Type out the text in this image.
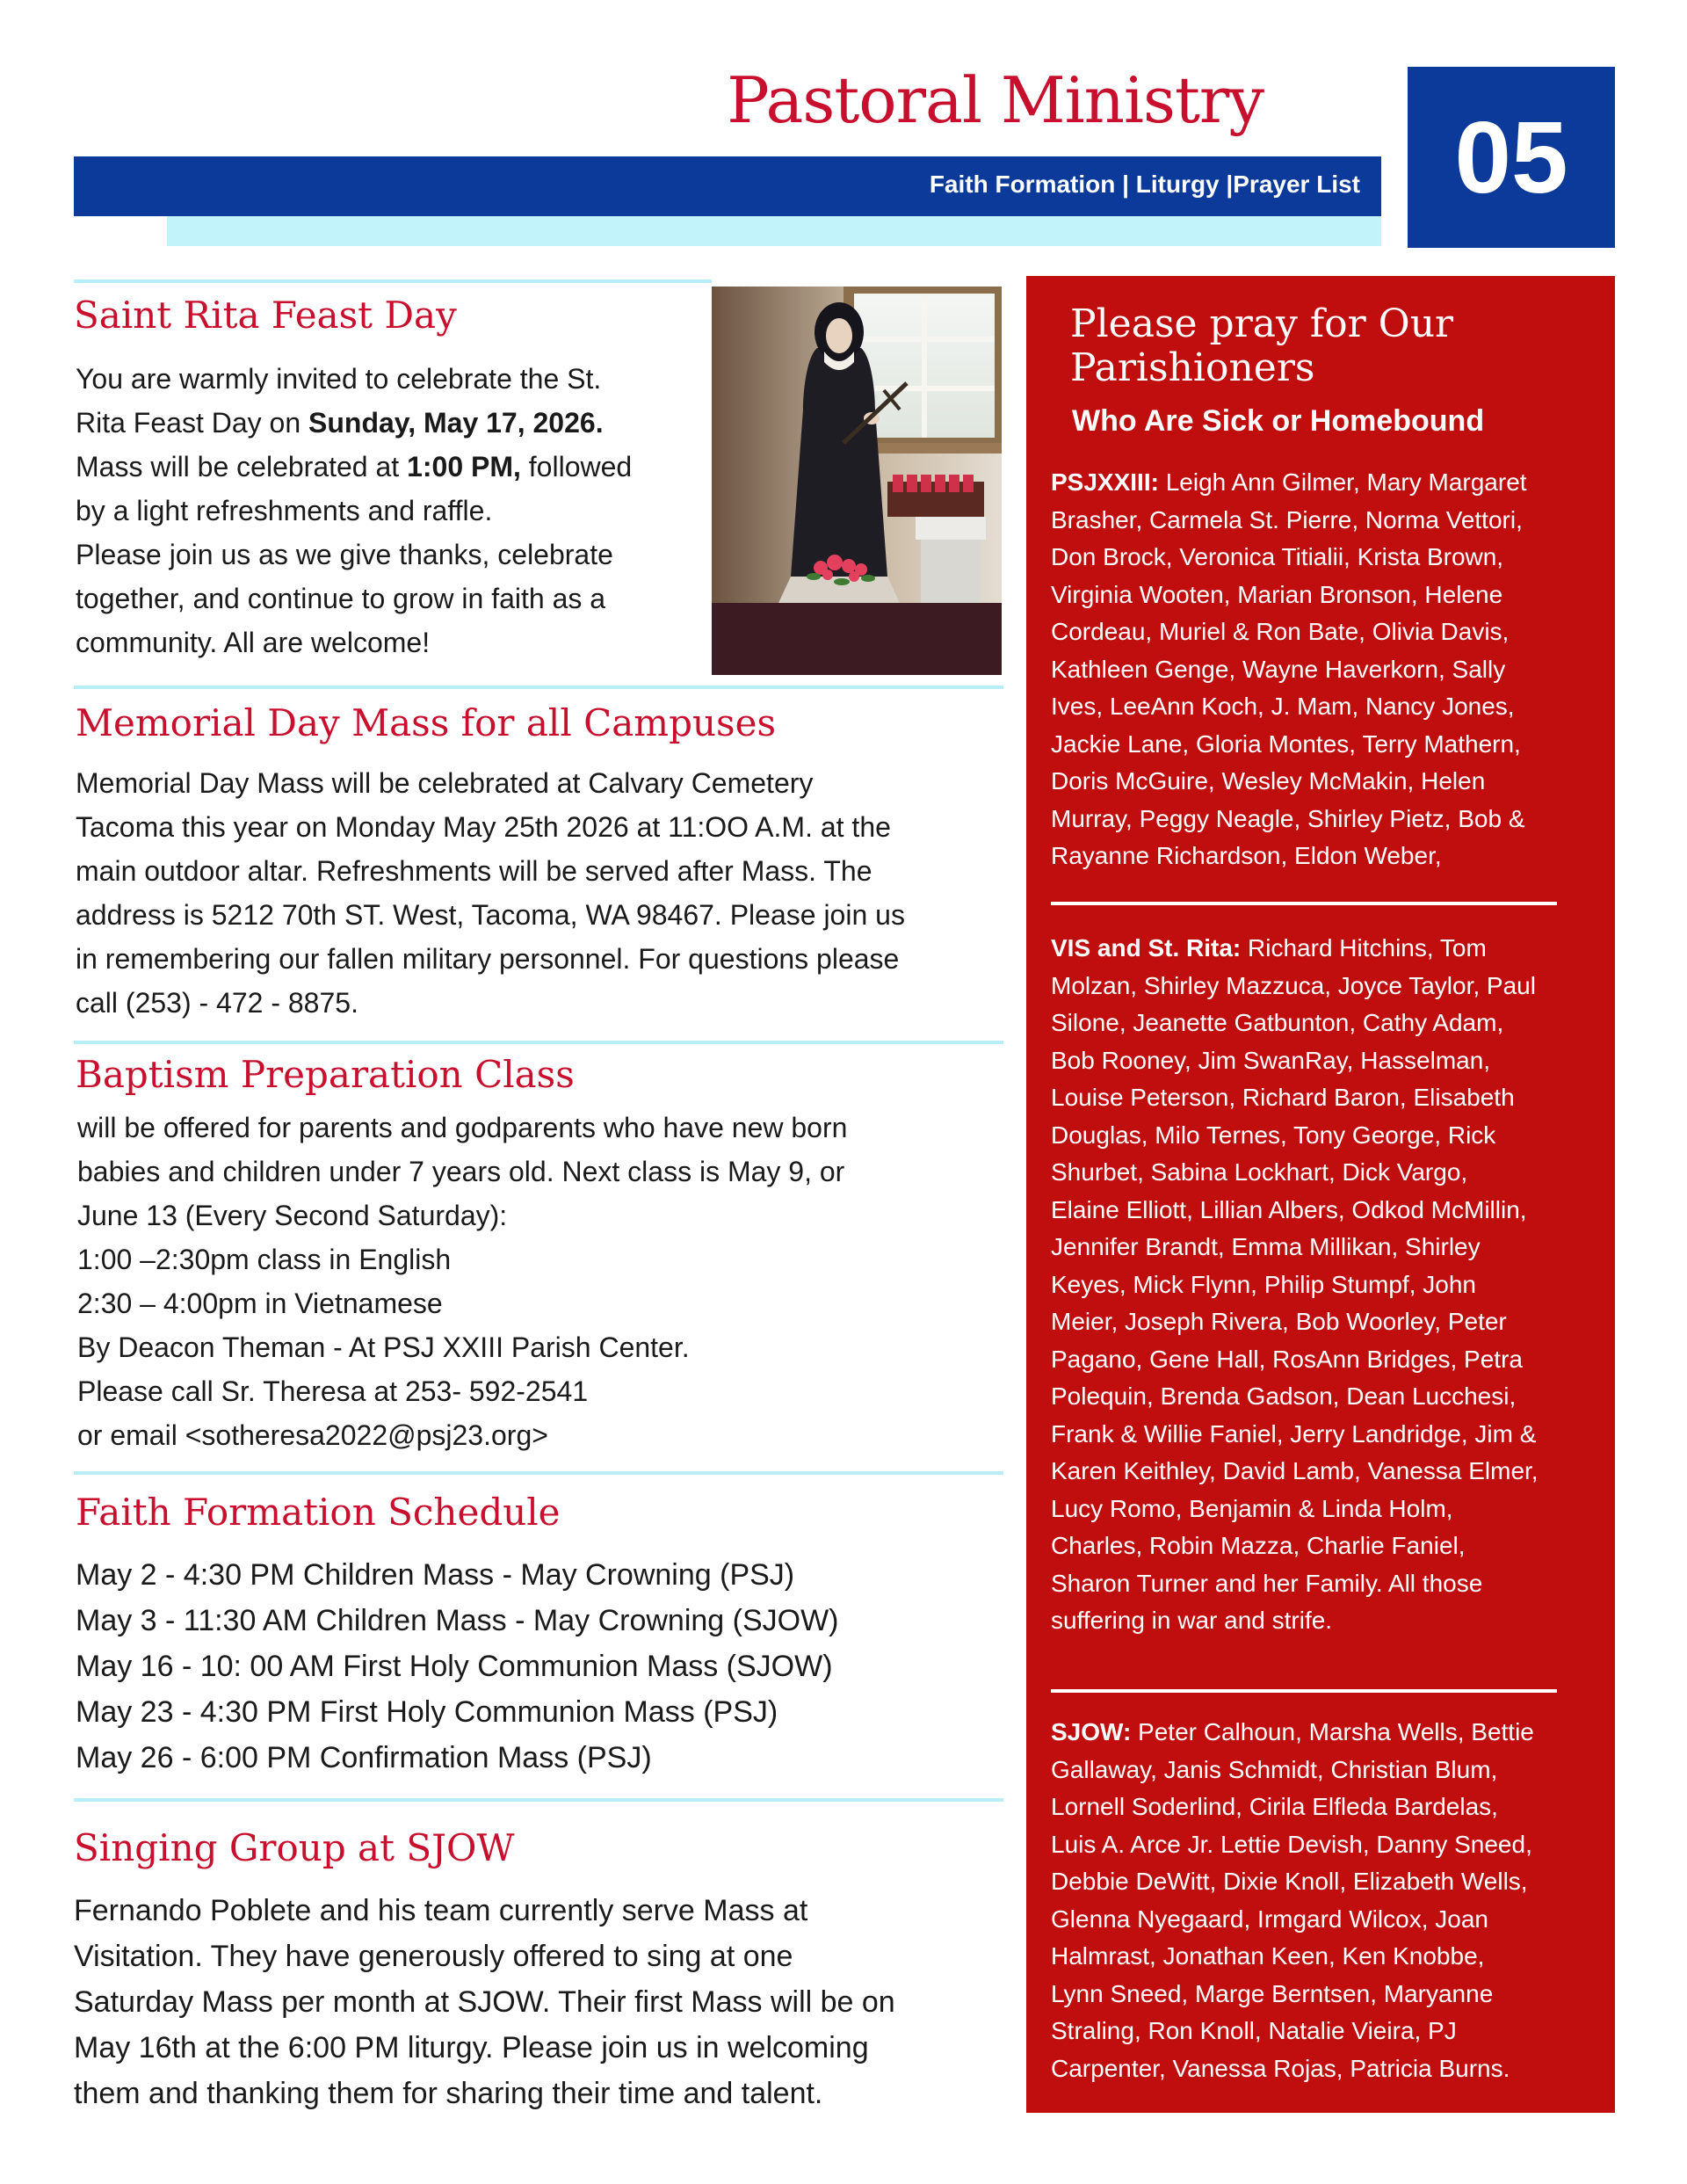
Pastoral Ministry
Faith Formation | Liturgy |Prayer List 05
Saint Rita Feast Day
You are warmly invited to celebrate the St.
Rita Feast Day on Sunday, May 17, 2026.
Mass will be celebrated at 1:00 PM, followed
by a light refreshments and raffle.
Please join us as we give thanks, celebrate
together, and continue to grow in faith as a
community. All are welcome!
Memorial Day Mass for all Campuses
Memorial Day Mass will be celebrated at Calvary Cemetery
Tacoma this year on Monday May 25th 2026 at 11:OO A.M. at the
main outdoor altar. Refreshments will be served after Mass. The
address is 5212 70th ST. West, Tacoma, WA 98467. Please join us
in remembering our fallen military personnel. For questions please
call (253) - 472 - 8875.
Baptism Preparation Class
will be offered for parents and godparents who have new born
babies and children under 7 years old. Next class is May 9, or
June 13 (Every Second Saturday):
1:00 –2:30pm class in English
2:30 – 4:00pm in Vietnamese
By Deacon Theman - At PSJ XXIII Parish Center.
Please call Sr. Theresa at 253- 592-2541
or email <sotheresa2022@psj23.org>
Faith Formation Schedule
May 2 - 4:30 PM Children Mass - May Crowning (PSJ)
May 3 - 11:30 AM Children Mass - May Crowning (SJOW)
May 16 - 10: 00 AM First Holy Communion Mass (SJOW)
May 23 - 4:30 PM First Holy Communion Mass (PSJ)
May 26 - 6:00 PM Confirmation Mass (PSJ)
Singing Group at SJOW
Fernando Poblete and his team currently serve Mass at
Visitation. They have generously offered to sing at one
Saturday Mass per month at SJOW. Their first Mass will be on
May 16th at the 6:00 PM liturgy. Please join us in welcoming
them and thanking them for sharing their time and talent.
Please pray for Our
Parishioners
Who Are Sick or Homebound
PSJXXIII: Leigh Ann Gilmer, Mary Margaret
Brasher, Carmela St. Pierre, Norma Vettori,
Don Brock, Veronica Titialii, Krista Brown,
Virginia Wooten, Marian Bronson, Helene
Cordeau, Muriel & Ron Bate, Olivia Davis,
Kathleen Genge, Wayne Haverkorn, Sally
Ives, LeeAnn Koch, J. Mam, Nancy Jones,
Jackie Lane, Gloria Montes, Terry Mathern,
Doris McGuire, Wesley McMakin, Helen
Murray, Peggy Neagle, Shirley Pietz, Bob &
Rayanne Richardson, Eldon Weber,
VIS and St. Rita: Richard Hitchins, Tom
Molzan, Shirley Mazzuca, Joyce Taylor, Paul
Silone, Jeanette Gatbunton, Cathy Adam,
Bob Rooney, Jim SwanRay, Hasselman,
Louise Peterson, Richard Baron, Elisabeth
Douglas, Milo Ternes, Tony George, Rick
Shurbet, Sabina Lockhart, Dick Vargo,
Elaine Elliott, Lillian Albers, Odkod McMillin,
Jennifer Brandt, Emma Millikan, Shirley
Keyes, Mick Flynn, Philip Stumpf, John
Meier, Joseph Rivera, Bob Woorley, Peter
Pagano, Gene Hall, RosAnn Bridges, Petra
Polequin, Brenda Gadson, Dean Lucchesi,
Frank & Willie Faniel, Jerry Landridge, Jim &
Karen Keithley, David Lamb, Vanessa Elmer,
Lucy Romo, Benjamin & Linda Holm,
Charles, Robin Mazza, Charlie Faniel,
Sharon Turner and her Family. All those
suffering in war and strife.
SJOW: Peter Calhoun, Marsha Wells, Bettie
Gallaway, Janis Schmidt, Christian Blum,
Lornell Soderlind, Cirila Elfleda Bardelas,
Luis A. Arce Jr. Lettie Devish, Danny Sneed,
Debbie DeWitt, Dixie Knoll, Elizabeth Wells,
Glenna Nyegaard, Irmgard Wilcox, Joan
Halmrast, Jonathan Keen, Ken Knobbe,
Lynn Sneed, Marge Berntsen, Maryanne
Straling, Ron Knoll, Natalie Vieira, PJ
Carpenter, Vanessa Rojas, Patricia Burns.
